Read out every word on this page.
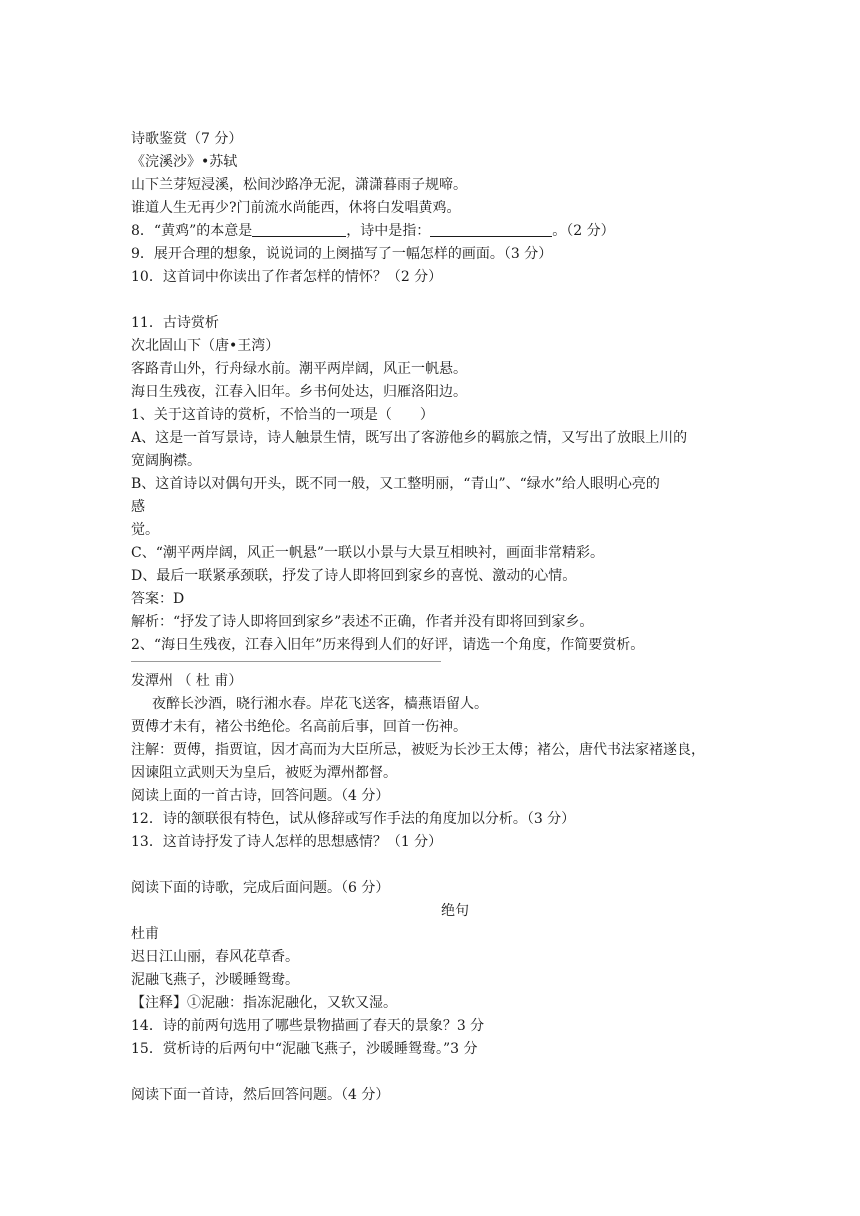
诗歌鉴赏（7 分）
《浣溪沙》•苏轼
山下兰芽短浸溪，松间沙路净无泥，潇潇暮雨子规啼。
谁道人生无再少?门前流水尚能西，休将白发唱黄鸡。
8．“黄鸡”的本意是	，诗中是指：	。（2 分）
9．展开合理的想象，说说词的上阕描写了一幅怎样的画面。（3 分）
10．这首词中你读出了作者怎样的情怀？（2 分）
11．古诗赏析
次北固山下（唐•王湾）
客路青山外，行舟绿水前。潮平两岸阔，风正一帆悬。
海日生残夜，江春入旧年。乡书何处达，归雁洛阳边。
1、关于这首诗的赏析，不恰当的一项是（　　）
A、这是一首写景诗，诗人触景生情，既写出了客游他乡的羁旅之情，又写出了放眼上川的
宽阔胸襟。
B、这首诗以对偶句开头，既不同一般，又工整明丽，“青山”、“绿水”给人眼明心亮的
感
觉。
C、“潮平两岸阔，风正一帆悬”一联以小景与大景互相映衬，画面非常精彩。
D、最后一联紧承颈联，抒发了诗人即将回到家乡的喜悦、激动的心情。
答案：D
解析：“抒发了诗人即将回到家乡”表述不正确，作者并没有即将回到家乡。
2、“海日生残夜，江春入旧年”历来得到人们的好评，请选一个角度，作简要赏析。
发潭州 （ 杜 甫）
夜醉长沙酒，晓行湘水春。岸花飞送客，樯燕语留人。
贾傅才未有，褚公书绝伦。名高前后事，回首一伤神。
注解：贾傅，指贾谊，因才高而为大臣所忌，被贬为长沙王太傅；褚公，唐代书法家褚遂良，
因谏阻立武则天为皇后，被贬为潭州都督。
阅读上面的一首古诗，回答问题。（4 分）
12．诗的颔联很有特色，试从修辞或写作手法的角度加以分析。（3 分）
13．这首诗抒发了诗人怎样的思想感情？（1 分）
阅读下面的诗歌，完成后面问题。（6 分）
绝句
杜甫
迟日江山丽，春风花草香。
泥融飞燕子，沙暖睡鸳鸯。
【注释】①泥融：指冻泥融化，又软又湿。
14．诗的前两句选用了哪些景物描画了春天的景象？3 分
15．赏析诗的后两句中“泥融飞燕子，沙暖睡鸳鸯。”3 分
阅读下面一首诗，然后回答问题。（4 分）
